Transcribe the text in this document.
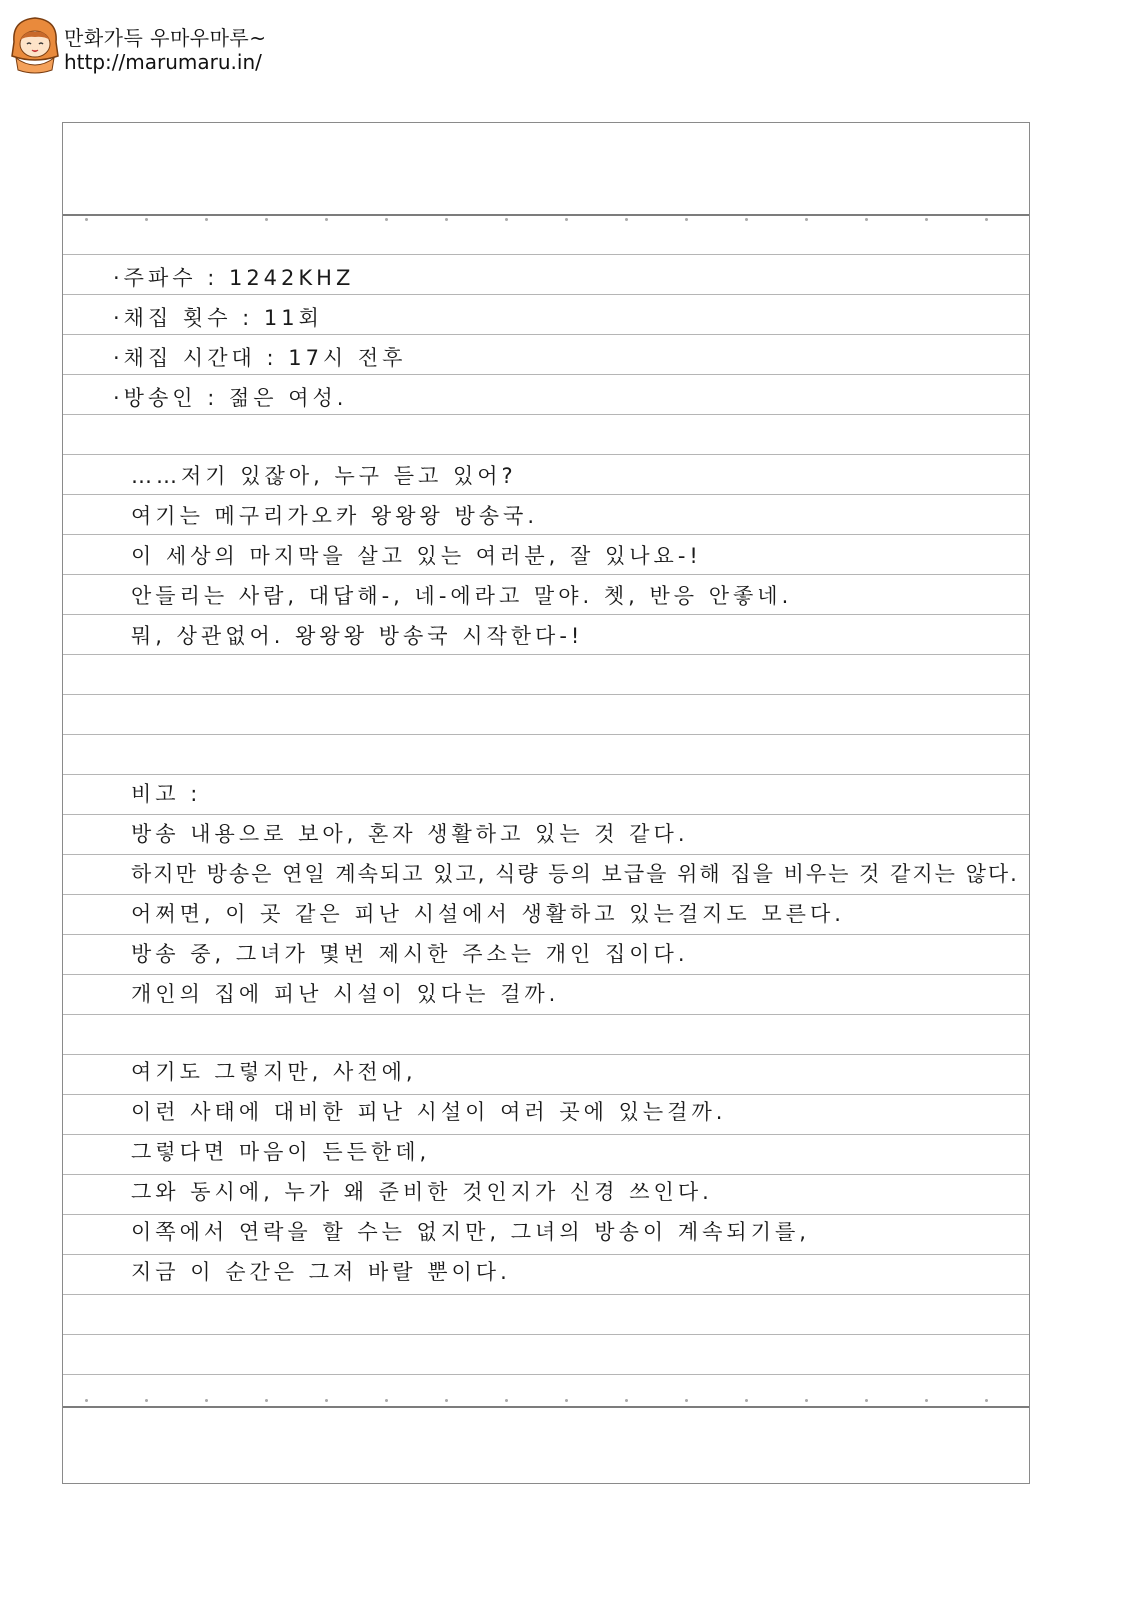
만화가득 우마우마루~
http://marumaru.in/
·주파수 : 1242KHZ
·채집 횟수 : 11회
·채집 시간대 : 17시 전후
·방송인 : 젊은 여성.
……저기 있잖아, 누구 듣고 있어?
여기는 메구리가오카 왕왕왕 방송국.
이 세상의 마지막을 살고 있는 여러분, 잘 있나요-!
안들리는 사람, 대답해-, 네-에라고 말야. 쳇, 반응 안좋네.
뭐, 상관없어. 왕왕왕 방송국 시작한다-!
비고 :
방송 내용으로 보아, 혼자 생활하고 있는 것 같다.
하지만 방송은 연일 계속되고 있고, 식량 등의 보급을 위해 집을 비우는 것 같지는 않다.
어쩌면, 이 곳 같은 피난 시설에서 생활하고 있는걸지도 모른다.
방송 중, 그녀가 몇번 제시한 주소는 개인 집이다.
개인의 집에 피난 시설이 있다는 걸까.
여기도 그렇지만, 사전에,
이런 사태에 대비한 피난 시설이 여러 곳에 있는걸까.
그렇다면 마음이 든든한데,
그와 동시에, 누가 왜 준비한 것인지가 신경 쓰인다.
이쪽에서 연락을 할 수는 없지만, 그녀의 방송이 계속되기를,
지금 이 순간은 그저 바랄 뿐이다.
